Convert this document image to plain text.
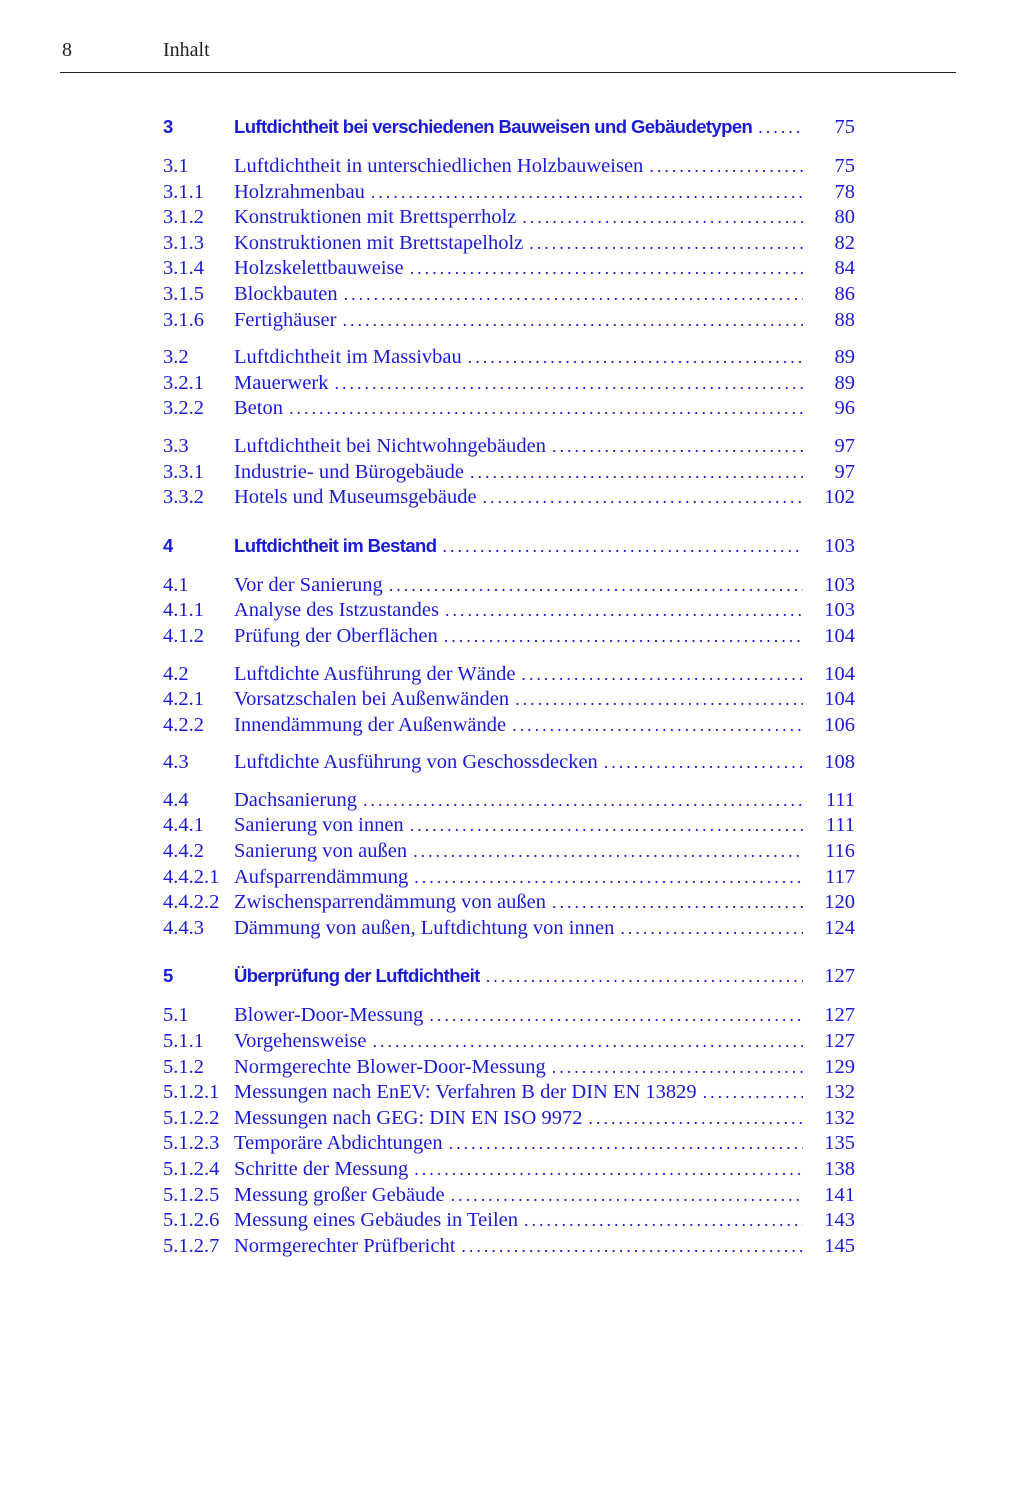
8	Inhalt
3	Luftdichtheit bei verschiedenen Bauweisen und Gebäudetypen . . .	75
3.1	Luftdichtheit in unterschiedlichen Holzbauweisen . . .	75
3.1.1	Holzrahmenbau . . .	78
3.1.2	Konstruktionen mit Brettsperrholz . . .	80
3.1.3	Konstruktionen mit Brettstapelholz . . .	82
3.1.4	Holzskelettbauweise . . .	84
3.1.5	Blockbauten . . .	86
3.1.6	Fertighäuser . . .	88
3.2	Luftdichtheit im Massivbau . . .	89
3.2.1	Mauerwerk . . .	89
3.2.2	Beton . . .	96
3.3	Luftdichtheit bei Nichtwohngebäuden . . .	97
3.3.1	Industrie- und Bürogebäude . . .	97
3.3.2	Hotels und Museumsgebäude . . .	102
4	Luftdichtheit im Bestand . . .	103
4.1	Vor der Sanierung . . .	103
4.1.1	Analyse des Istzustandes . . .	103
4.1.2	Prüfung der Oberflächen . . .	104
4.2	Luftdichte Ausführung der Wände . . .	104
4.2.1	Vorsatzschalen bei Außenwänden . . .	104
4.2.2	Innendämmung der Außenwände . . .	106
4.3	Luftdichte Ausführung von Geschossdecken . . .	108
4.4	Dachsanierung . . .	111
4.4.1	Sanierung von innen . . .	111
4.4.2	Sanierung von außen . . .	116
4.4.2.1 Aufsparrendämmung . . .	117
4.4.2.2 Zwischensparrendämmung von außen . . .	120
4.4.3	Dämmung von außen, Luftdichtung von innen . . .	124
5	Überprüfung der Luftdichtheit . . .	127
5.1	Blower-Door-Messung . . .	127
5.1.1	Vorgehensweise . . .	127
5.1.2	Normgerechte Blower-Door-Messung . . .	129
5.1.2.1 Messungen nach EnEV: Verfahren B der DIN EN 13829 . . .	132
5.1.2.2 Messungen nach GEG: DIN EN ISO 9972 . . .	132
5.1.2.3 Temporäre Abdichtungen . . .	135
5.1.2.4 Schritte der Messung . . .	138
5.1.2.5 Messung großer Gebäude . . .	141
5.1.2.6 Messung eines Gebäudes in Teilen . . .	143
5.1.2.7 Normgerechter Prüfbericht . . .	145
